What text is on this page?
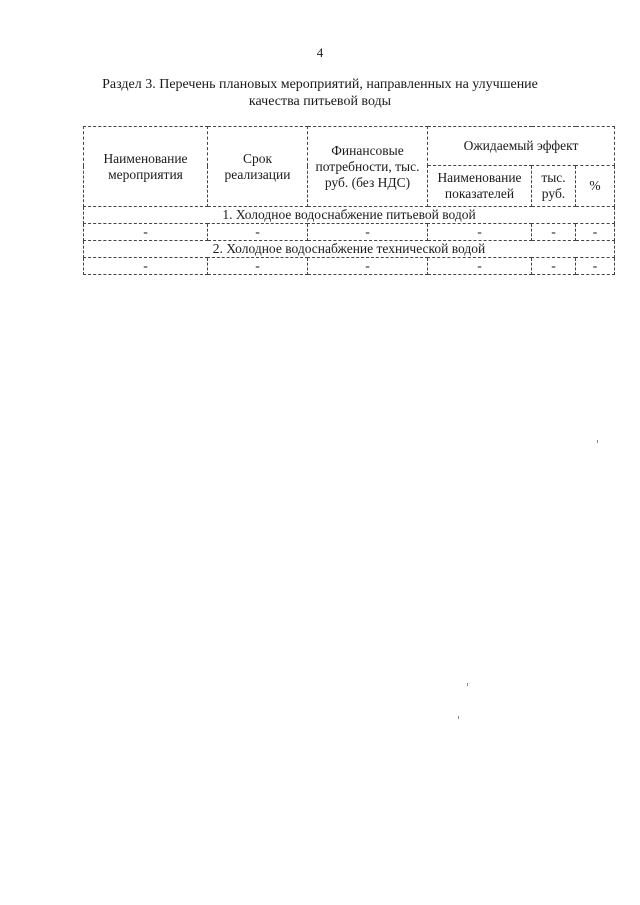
4
Раздел 3. Перечень плановых мероприятий, направленных на улучшение
качества питьевой воды
Наименование мероприятия	Срок реализации	Финансовые потребности, тыс. руб. (без НДС)	Ожидаемый эффект		
			Наименование показателей	тыс. руб.	%
1. Холодное водоснабжение питьевой водой					
-	-	-	-	-	-
2. Холодное водоснабжение технической водой					
-	-	-	-	-	-
